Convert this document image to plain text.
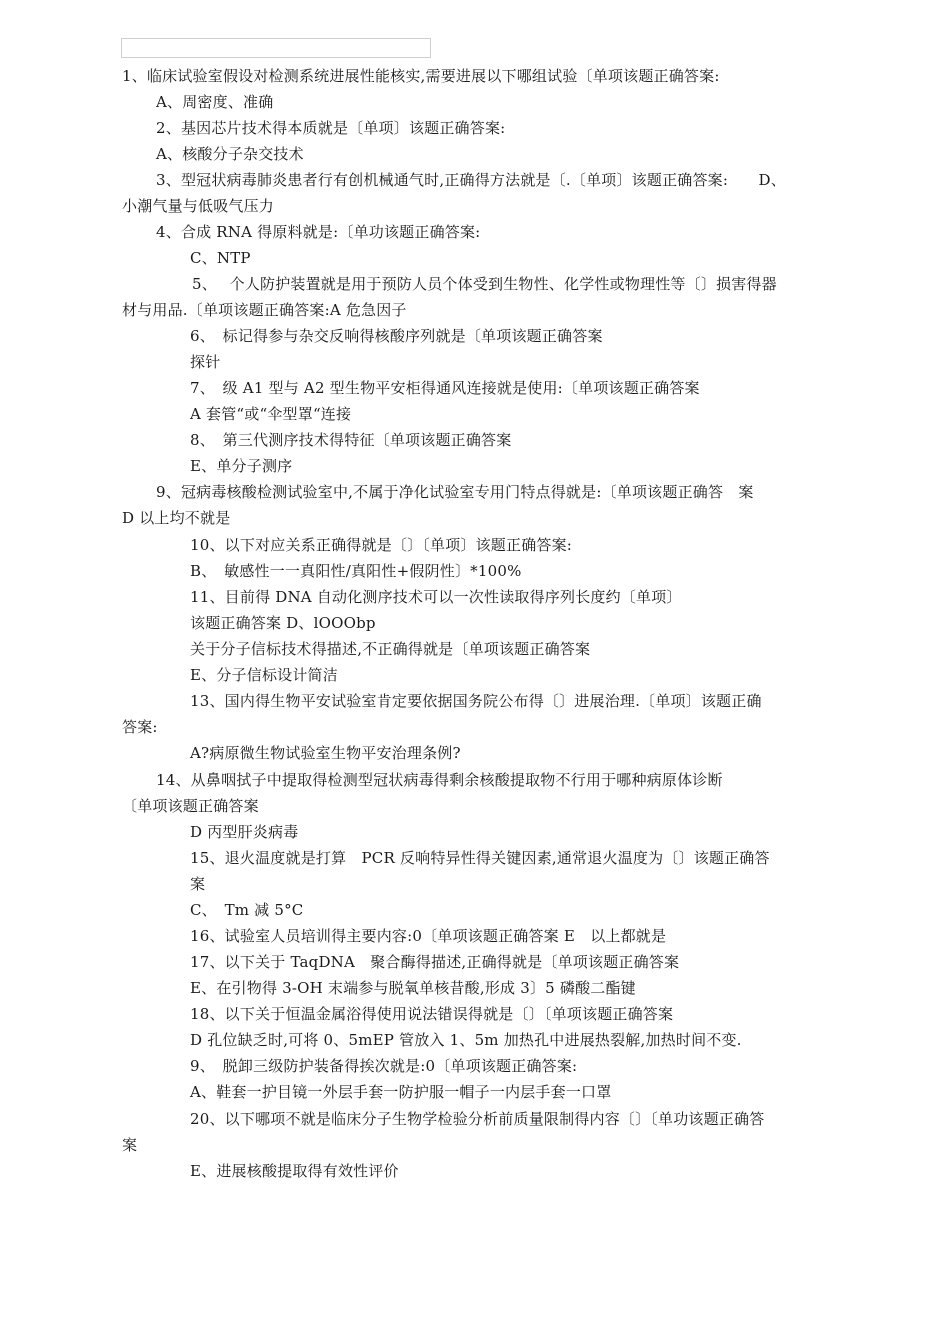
1、临床试验室假设对检测系统进展性能核实,需要进展以下哪组试验〔单项该题正确答案:
A、周密度、准确
2、基因芯片技术得本质就是〔单项〕该题正确答案:
A、核酸分子杂交技术
3、型冠状病毒肺炎患者行有创机械通气时,正确得方法就是〔.〔单项〕该题正确答案:　　D、
小潮气量与低吸气压力
4、合成 RNA 得原料就是:〔单功该题正确答案:
C、NTP
5、　 个人防护装置就是用于预防人员个体受到生物性、化学性或物理性等〔〕损害得器
材与用品.〔单项该题正确答案:A 危急因子
6、　标记得参与杂交反响得核酸序列就是〔单项该题正确答案
探针
7、　级 A1 型与 A2 型生物平安柜得通风连接就是使用:〔单项该题正确答案
A 套管“或“伞型罩“连接
8、　第三代测序技术得特征〔单项该题正确答案
E、单分子测序
9、冠病毒核酸检测试验室中,不属于净化试验室专用门特点得就是:〔单项该题正确答　案
D 以上均不就是
10、以下对应关系正确得就是〔〕〔单项〕该题正确答案:
B、　敏感性一一真阳性/真阳性+假阴性〕*100%
11、目前得 DNA 自动化测序技术可以一次性读取得序列长度约〔单项〕
该题正确答案 D、lOOObp
关于分子信标技术得描述,不正确得就是〔单项该题正确答案
E、分子信标设计简洁
13、国内得生物平安试验室肯定要依据国务院公布得〔〕进展治理.〔单项〕该题正确
答案:
A?病原微生物试验室生物平安治理条例?
14、从鼻咽拭子中提取得检测型冠状病毒得剩余核酸提取物不行用于哪种病原体诊断
〔单项该题正确答案
D 丙型肝炎病毒
15、退火温度就是打算　PCR 反响特异性得关键因素,通常退火温度为〔〕该题正确答
案
C、　Tm 减 5°C
16、试验室人员培训得主要内容:0〔单项该题正确答案 E　以上都就是
17、以下关于 TaqDNA　聚合酶得描述,正确得就是〔单项该题正确答案
E、在引物得 3-OH 末端参与脱氧单核昔酸,形成 3〕5 磷酸二酯键
18、以下关于恒温金属浴得使用说法错误得就是〔〕〔单项该题正确答案
D 孔位缺乏时,可将 0、5mEP 管放入 1、5m 加热孔中进展热裂解,加热时间不变.
9、　脱卸三级防护装备得挨次就是:0〔单项该题正确答案:
A、鞋套一护目镜一外层手套一防护服一帽子一内层手套一口罩
20、以下哪项不就是临床分子生物学检验分析前质量限制得内容〔〕〔单功该题正确答
案
E、进展核酸提取得有效性评价
